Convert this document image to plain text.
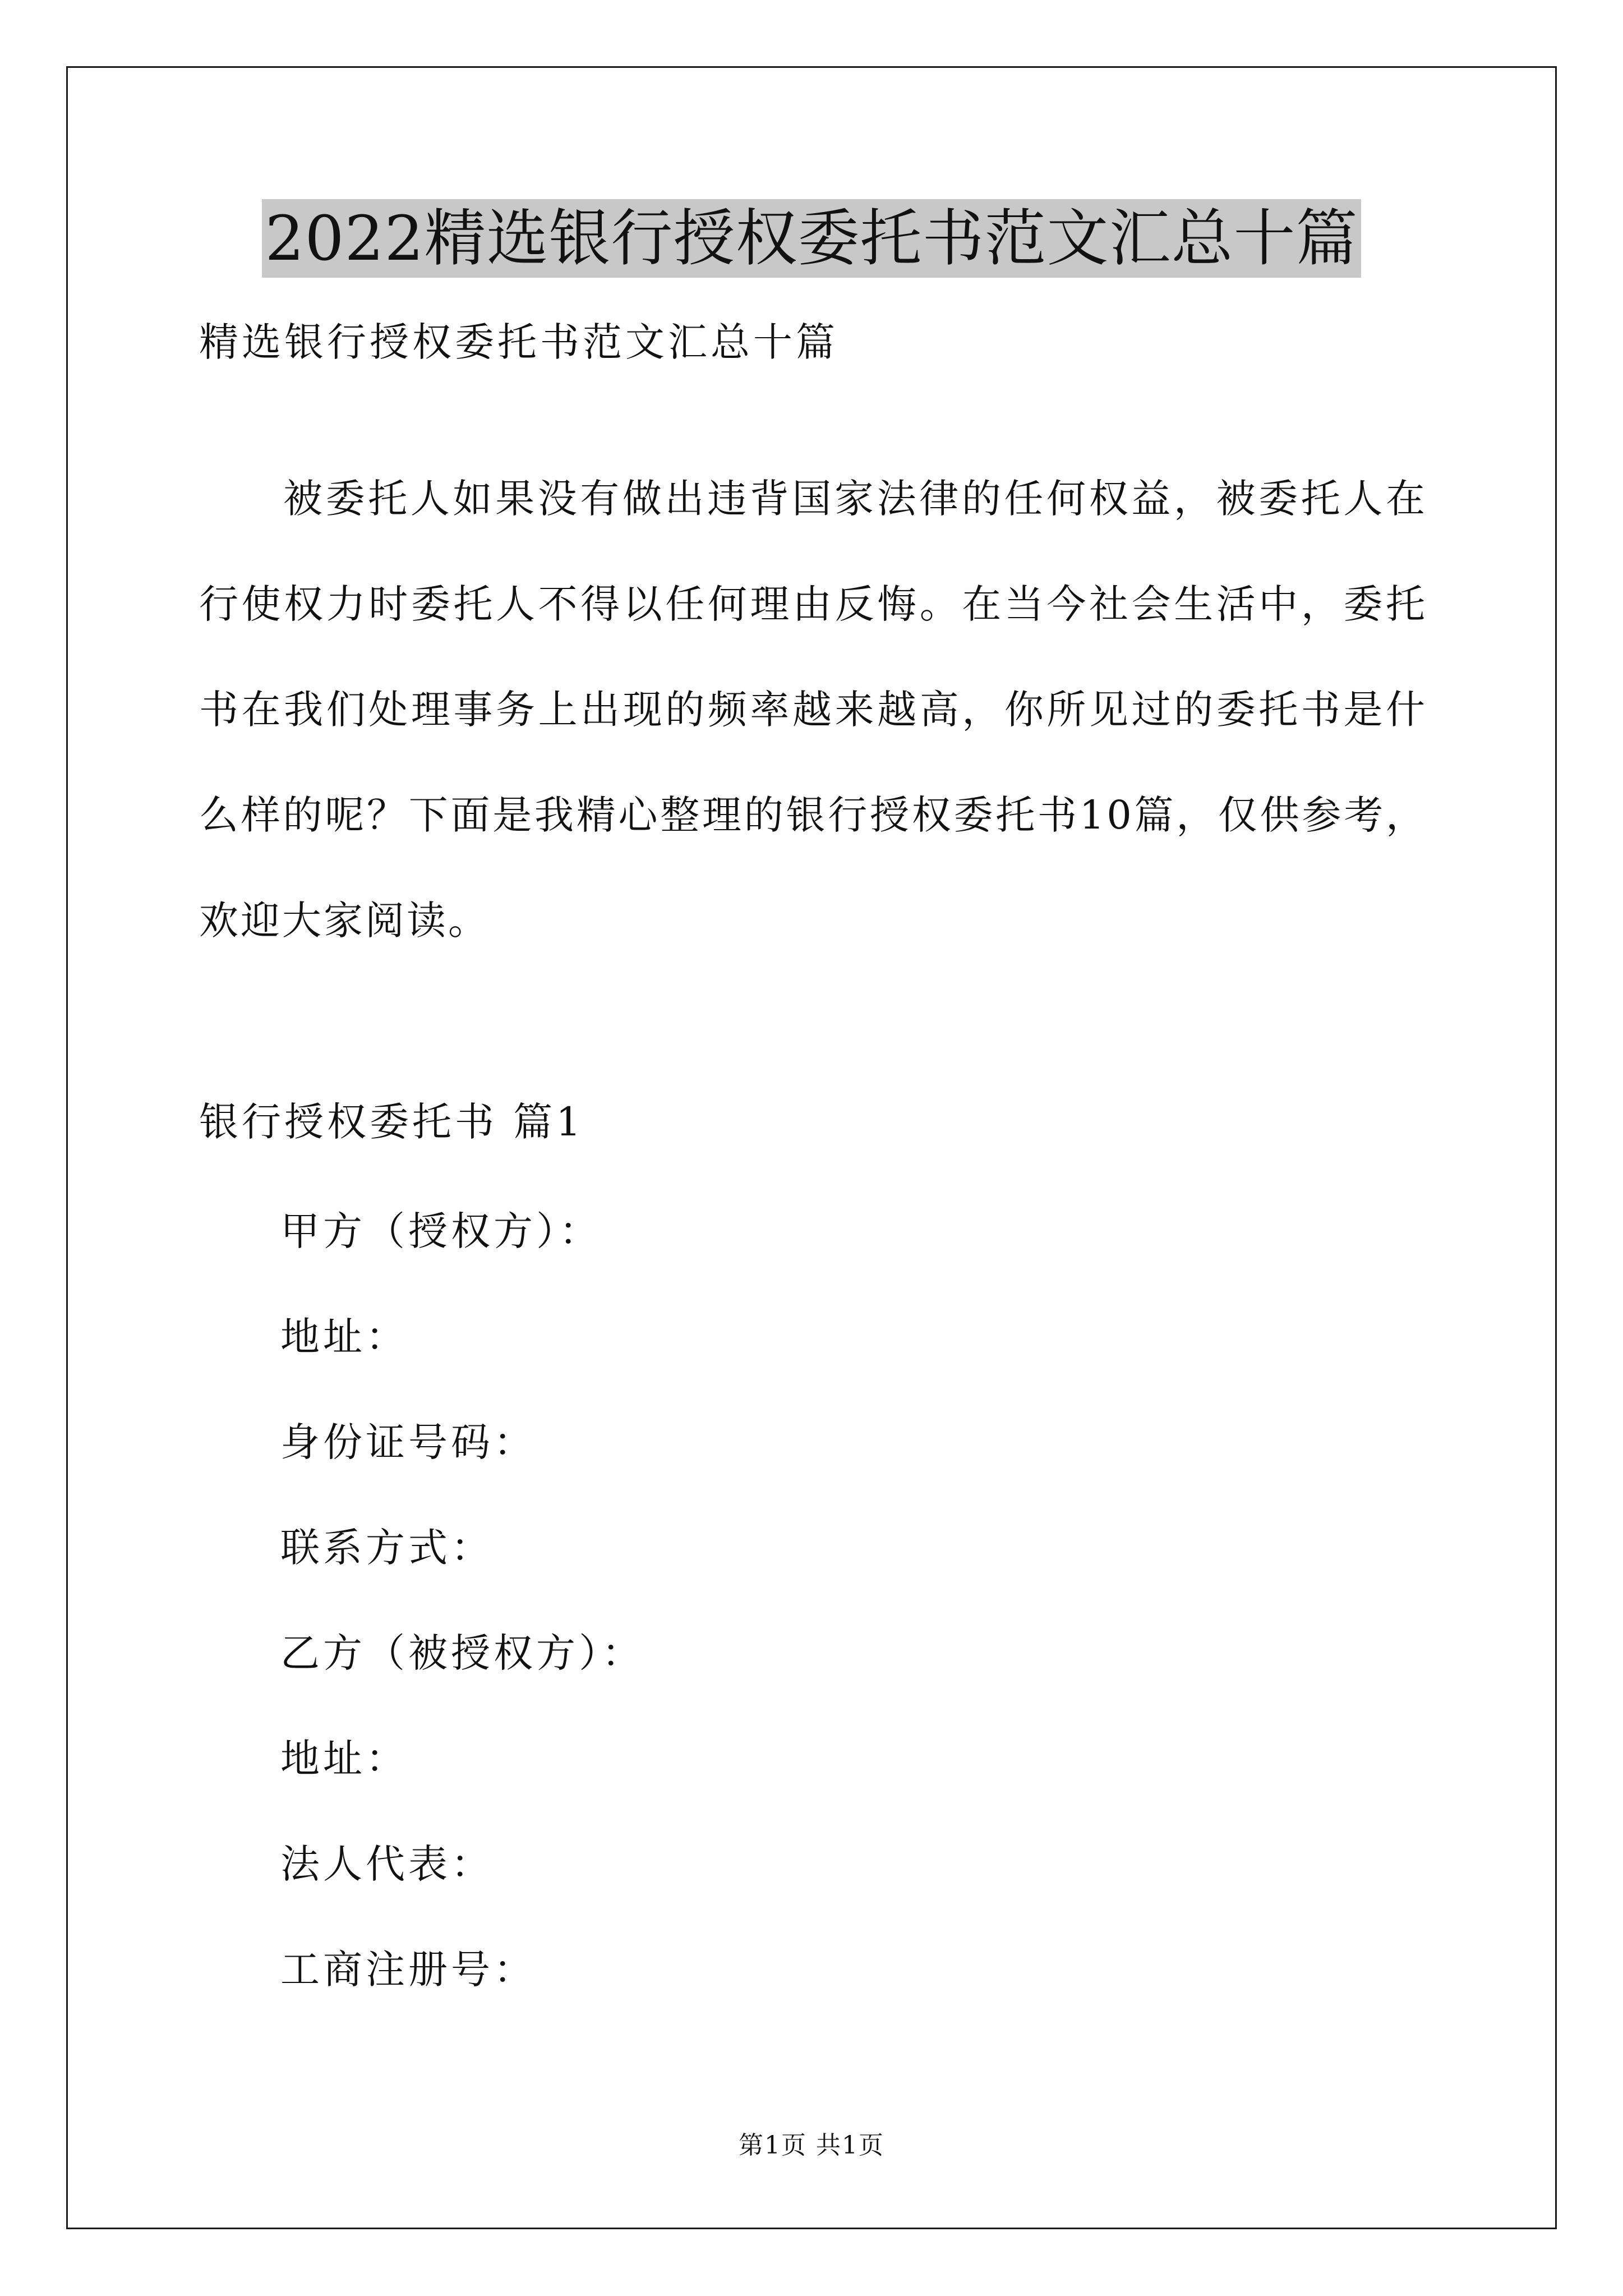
2022精选银行授权委托书范文汇总十篇
精选银行授权委托书范文汇总十篇

被委托人如果没有做出违背国家法律的任何权益，被委托人在行使权力时委托人不得以任何理由反悔。在当今社会生活中，委托书在我们处理事务上出现的频率越来越高，你所见过的委托书是什么样的呢？下面是我精心整理的银行授权委托书10篇，仅供参考，欢迎大家阅读。

银行授权委托书 篇1
甲方（授权方）：
地址：
身份证号码：
联系方式：
乙方（被授权方）：
地址：
法人代表：
工商注册号：
第1页 共1页
